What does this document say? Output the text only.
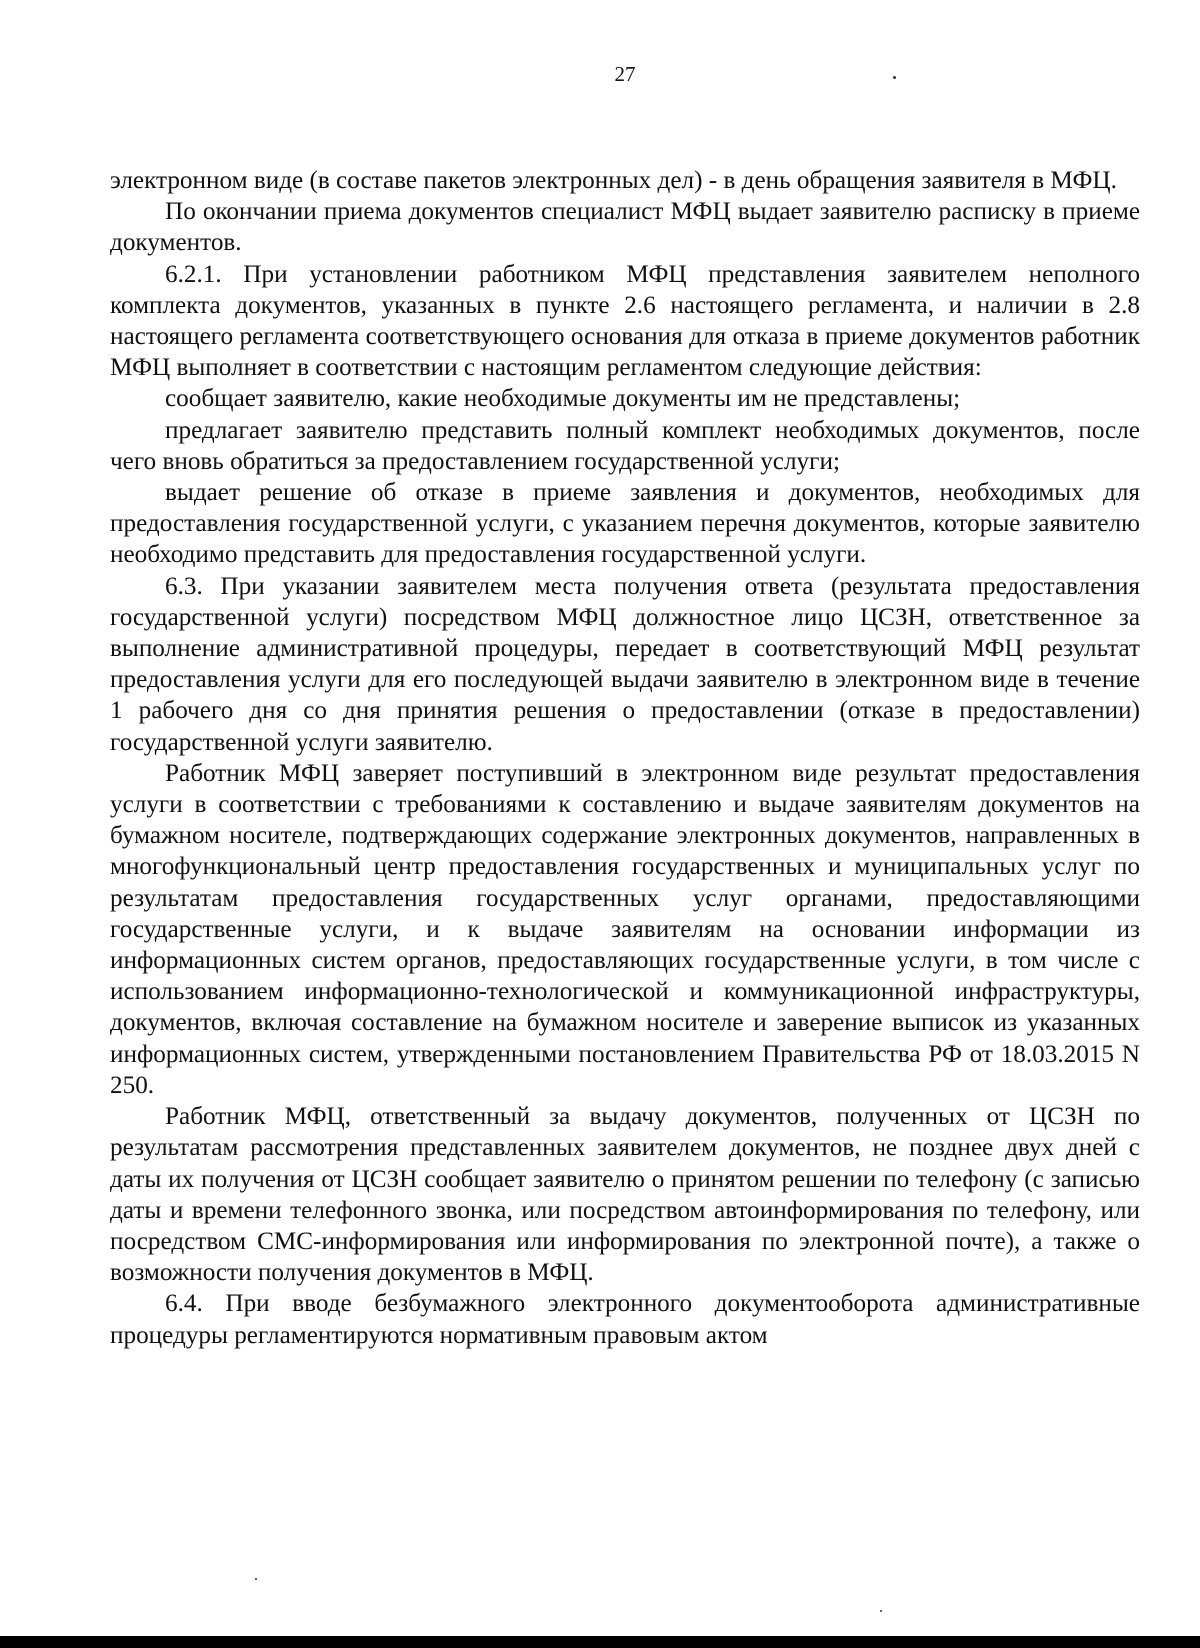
27

электронном виде (в составе пакетов электронных дел) - в день обращения заявителя в МФЦ.

По окончании приема документов специалист МФЦ выдает заявителю расписку в приеме документов.

6.2.1. При установлении работником МФЦ представления заявителем неполного комплекта документов, указанных в пункте 2.6 настоящего регламента, и наличии в 2.8 настоящего регламента соответствующего основания для отказа в приеме документов работник МФЦ выполняет в соответствии с настоящим регламентом следующие действия:

сообщает заявителю, какие необходимые документы им не представлены;

предлагает заявителю представить полный комплект необходимых документов, после чего вновь обратиться за предоставлением государственной услуги;

выдает решение об отказе в приеме заявления и документов, необходимых для предоставления государственной услуги, с указанием перечня документов, которые заявителю необходимо представить для предоставления государственной услуги.

6.3. При указании заявителем места получения ответа (результата предоставления государственной услуги) посредством МФЦ должностное лицо ЦСЗН, ответственное за выполнение административной процедуры, передает в соответствующий МФЦ результат предоставления услуги для его последующей выдачи заявителю в электронном виде в течение 1 рабочего дня со дня принятия решения о предоставлении (отказе в предоставлении) государственной услуги заявителю.

Работник МФЦ заверяет поступивший в электронном виде результат предоставления услуги в соответствии с требованиями к составлению и выдаче заявителям документов на бумажном носителе, подтверждающих содержание электронных документов, направленных в многофункциональный центр предоставления государственных и муниципальных услуг по результатам предоставления государственных услуг органами, предоставляющими государственные услуги, и к выдаче заявителям на основании информации из информационных систем органов, предоставляющих государственные услуги, в том числе с использованием информационно-технологической и коммуникационной инфраструктуры, документов, включая составление на бумажном носителе и заверение выписок из указанных информационных систем, утвержденными постановлением Правительства РФ от 18.03.2015 N 250.

Работник МФЦ, ответственный за выдачу документов, полученных от ЦСЗН по результатам рассмотрения представленных заявителем документов, не позднее двух дней с даты их получения от ЦСЗН сообщает заявителю о принятом решении по телефону (с записью даты и времени телефонного звонка, или посредством автоинформирования по телефону, или посредством СМС-информирования или информирования по электронной почте), а также о возможности получения документов в МФЦ.

6.4. При вводе безбумажного электронного документооборота административные процедуры регламентируются нормативным правовым актом
